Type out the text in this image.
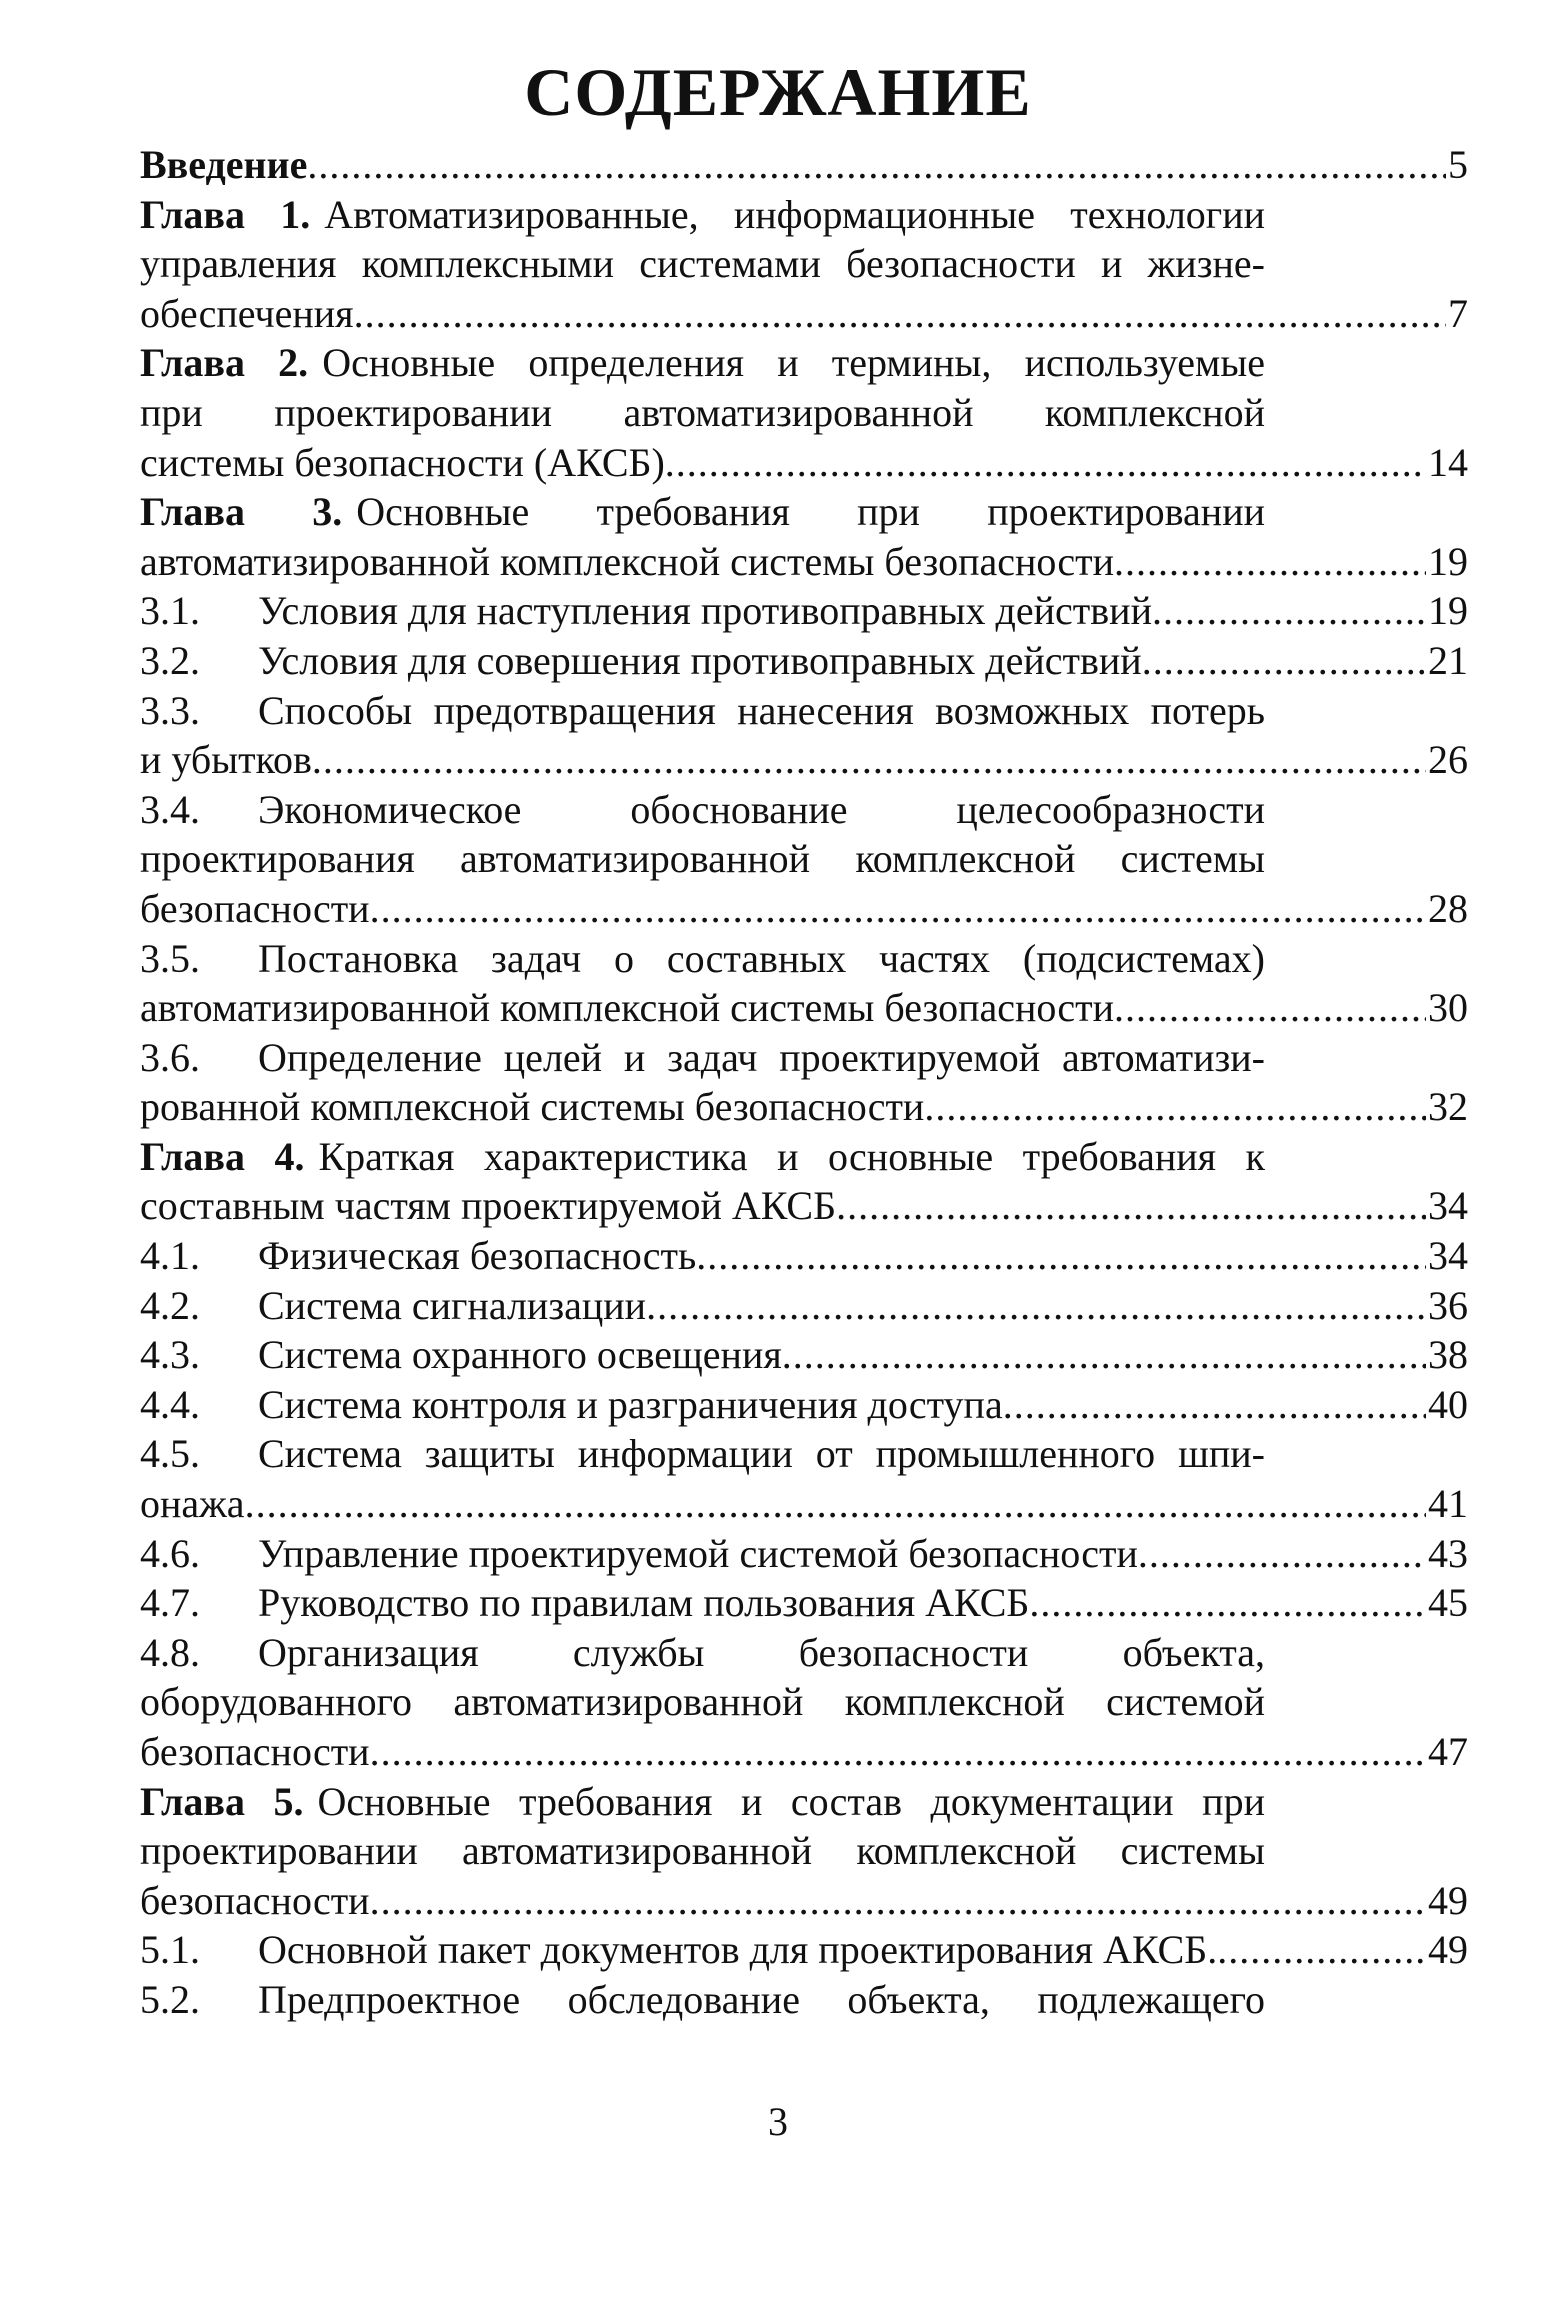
СОДЕРЖАНИЕ
Введение .....	5
Глава 1. Автоматизированные, информационные технологии
управления комплексными системами безопасности и жизне-
обеспечения .....	7
Глава 2. Основные определения и термины, используемые
при проектировании автоматизированной комплексной
системы безопасности (АКСБ) .....	14
Глава 3. Основные требования при проектировании
автоматизированной комплексной системы безопасности .....	19
3.1. Условия для наступления противоправных действий .....	19
3.2. Условия для совершения противоправных действий .....	21
3.3. Способы предотвращения нанесения возможных потерь
и убытков .....	26
3.4. Экономическое обоснование целесообразности
проектирования автоматизированной комплексной системы
безопасности .....	28
3.5. Постановка задач о составных частях (подсистемах)
автоматизированной комплексной системы безопасности .....	30
3.6. Определение целей и задач проектируемой автоматизи-
рованной комплексной системы безопасности .....	32
Глава 4. Краткая характеристика и основные требования к
составным частям проектируемой АКСБ .....	34
4.1. Физическая безопасность .....	34
4.2. Система сигнализации .....	36
4.3. Система охранного освещения .....	38
4.4. Система контроля и разграничения доступа .....	40
4.5. Система защиты информации от промышленного шпи-
онажа .....	41
4.6. Управление проектируемой системой безопасности .....	43
4.7. Руководство по правилам пользования АКСБ .....	45
4.8. Организация службы безопасности объекта,
оборудованного автоматизированной комплексной системой
безопасности .....	47
Глава 5. Основные требования и состав документации при
проектировании автоматизированной комплексной системы
безопасности .....	49
5.1. Основной пакет документов для проектирования АКСБ. .....	49
5.2. Предпроектное обследование объекта, подлежащего
3
